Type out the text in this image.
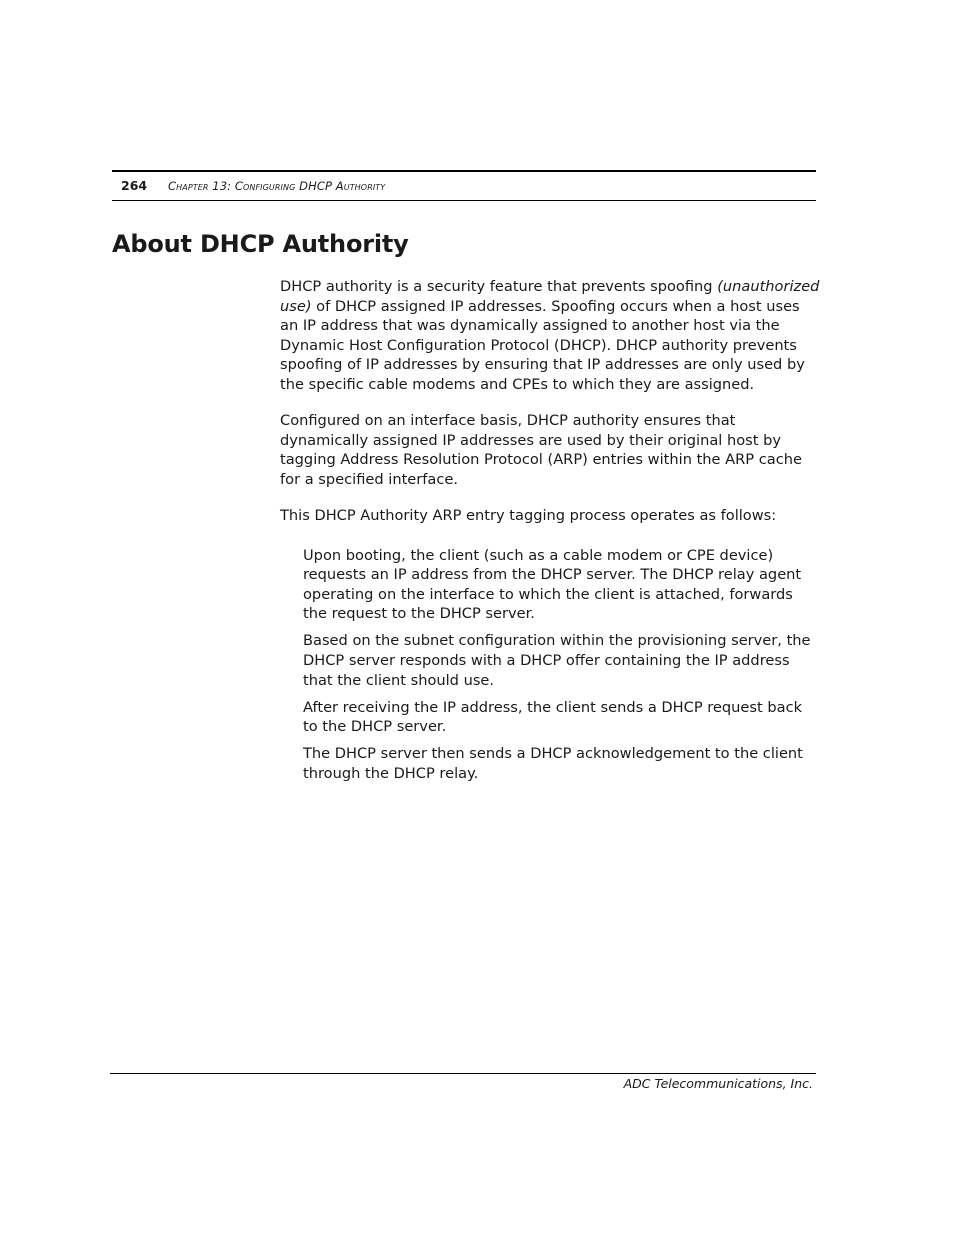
264 Chapter 13: Configuring DHCP Authority
About DHCP Authority

DHCP authority is a security feature that prevents spoofing (unauthorized use) of DHCP assigned IP addresses. Spoofing occurs when a host uses an IP address that was dynamically assigned to another host via the Dynamic Host Configuration Protocol (DHCP). DHCP authority prevents spoofing of IP addresses by ensuring that IP addresses are only used by the specific cable modems and CPEs to which they are assigned.

Configured on an interface basis, DHCP authority ensures that dynamically assigned IP addresses are used by their original host by tagging Address Resolution Protocol (ARP) entries within the ARP cache for a specified interface.

This DHCP Authority ARP entry tagging process operates as follows:

Upon booting, the client (such as a cable modem or CPE device) requests an IP address from the DHCP server. The DHCP relay agent operating on the interface to which the client is attached, forwards the request to the DHCP server.
Based on the subnet configuration within the provisioning server, the DHCP server responds with a DHCP offer containing the IP address that the client should use.
After receiving the IP address, the client sends a DHCP request back to the DHCP server.
The DHCP server then sends a DHCP acknowledgement to the client through the DHCP relay.
ADC Telecommunications, Inc.
